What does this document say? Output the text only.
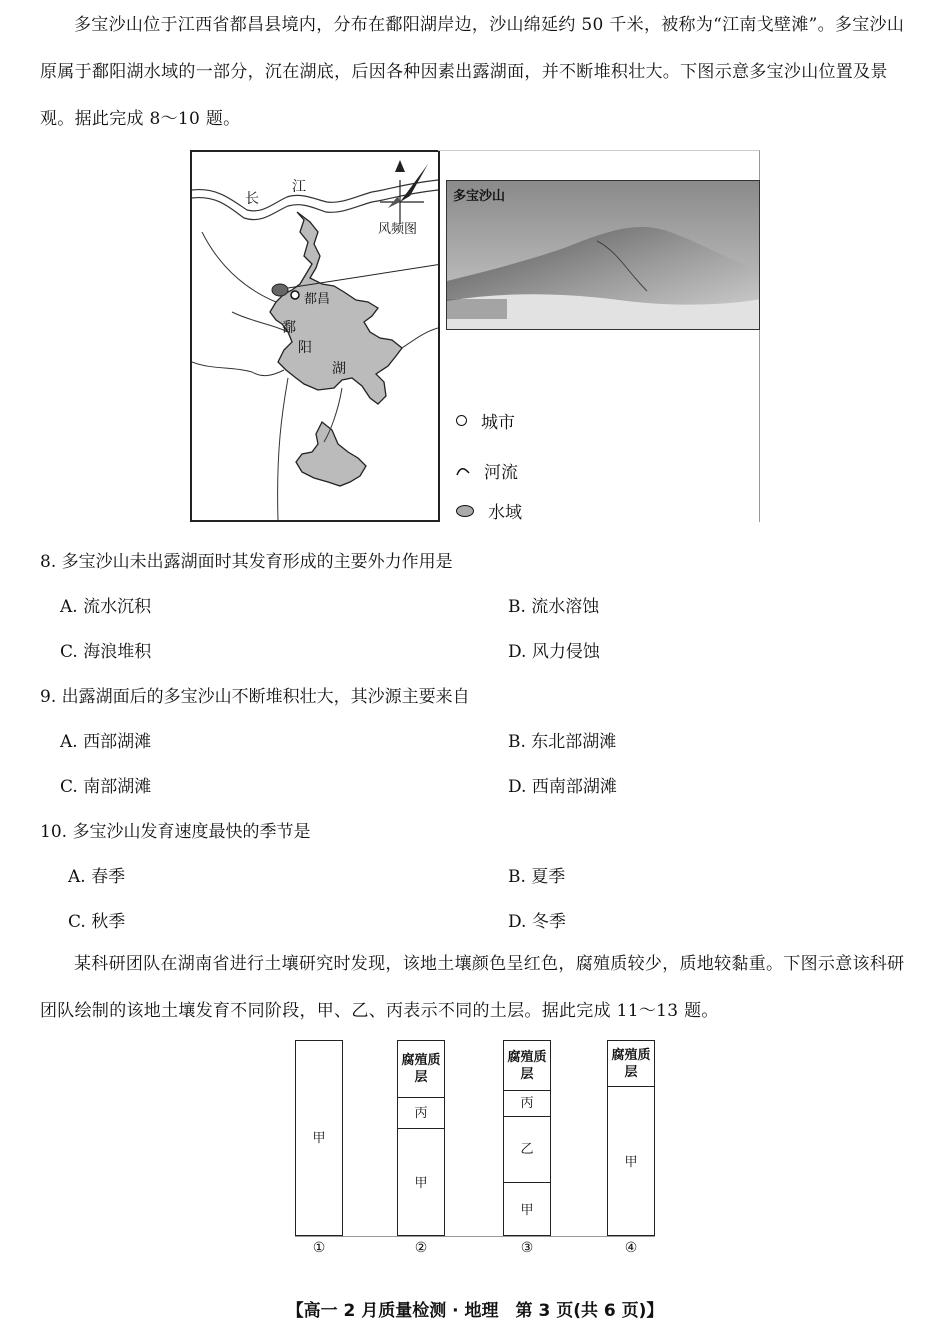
多宝沙山位于江西省都昌县境内，分布在鄱阳湖岸边，沙山绵延约 50 千米，被称为“江南戈壁滩”。多宝沙山原属于鄱阳湖水域的一部分，沉在湖底，后因各种因素出露湖面，并不断堆积壮大。下图示意多宝沙山位置及景观。据此完成 8～10 题。

长
江
风频图
都昌
鄱
阳
湖
多宝沙山
城市
河流
水域

8. 多宝沙山未出露湖面时其发育形成的主要外力作用是

A. 流水沉积	B. 流水溶蚀

C. 海浪堆积	D. 风力侵蚀

9. 出露湖面后的多宝沙山不断堆积壮大，其沙源主要来自

A. 西部湖滩	B. 东北部湖滩

C. 南部湖滩	D. 西南部湖滩

10. 多宝沙山发育速度最快的季节是

A. 春季	B. 夏季

C. 秋季	D. 冬季

某科研团队在湖南省进行土壤研究时发现，该地土壤颜色呈红色，腐殖质较少，质地较黏重。下图示意该科研团队绘制的该地土壤发育不同阶段，甲、乙、丙表示不同的土层。据此完成 11～13 题。

甲
腐殖质层
丙
甲
腐殖质层
丙
乙
甲
腐殖质层
甲
①	②	③	④
【高一 2 月质量检测 · 地理　第 3 页(共 6 页)】
